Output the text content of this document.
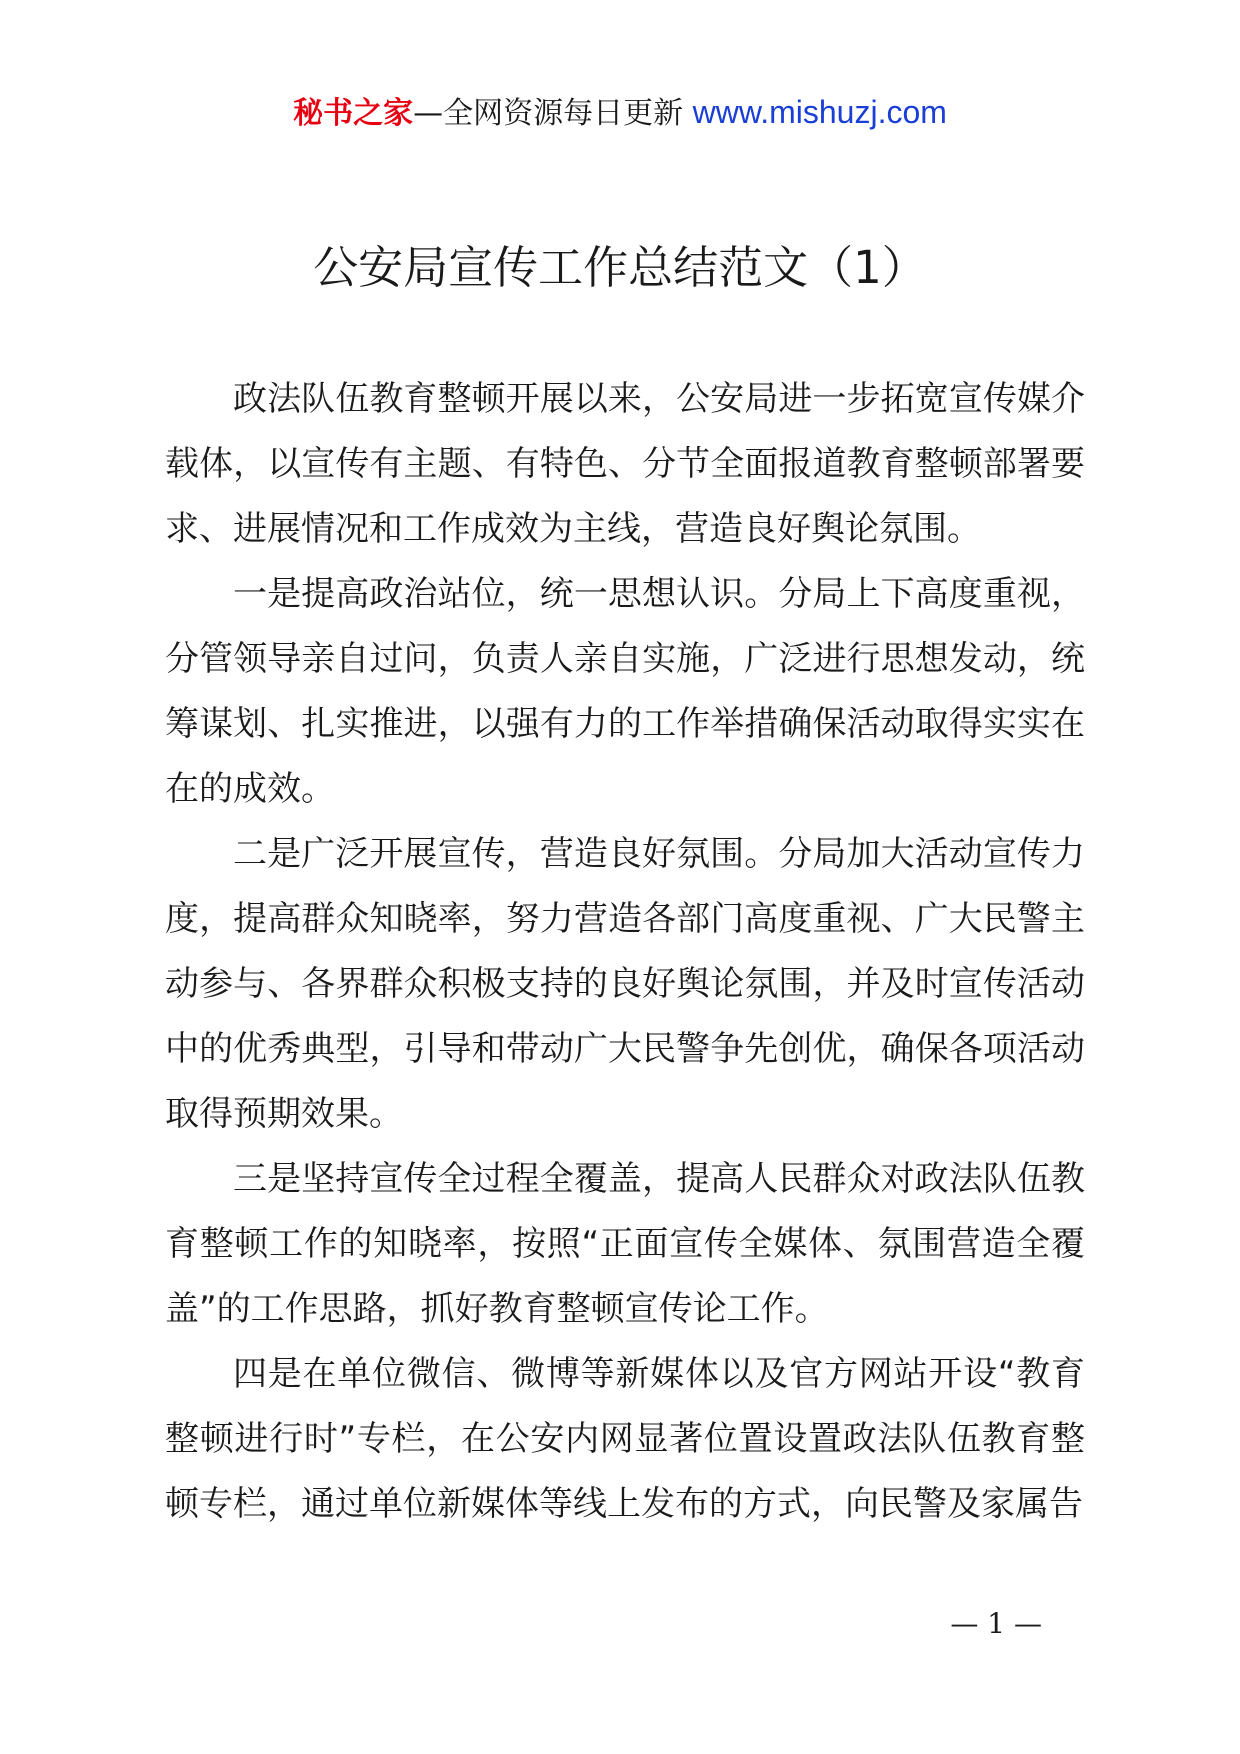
秘书之家—全网资源每日更新 www.mishuzj.com
公安局宣传工作总结范文（1）

政法队伍教育整顿开展以来，公安局进一步拓宽宣传媒介载体，以宣传有主题、有特色、分节全面报道教育整顿部署要求、进展情况和工作成效为主线，营造良好舆论氛围。

一是提高政治站位，统一思想认识。分局上下高度重视，分管领导亲自过问，负责人亲自实施，广泛进行思想发动，统筹谋划、扎实推进，以强有力的工作举措确保活动取得实实在在的成效。

二是广泛开展宣传，营造良好氛围。分局加大活动宣传力度，提高群众知晓率，努力营造各部门高度重视、广大民警主动参与、各界群众积极支持的良好舆论氛围，并及时宣传活动中的优秀典型，引导和带动广大民警争先创优，确保各项活动取得预期效果。

三是坚持宣传全过程全覆盖，提高人民群众对政法队伍教育整顿工作的知晓率，按照“正面宣传全媒体、氛围营造全覆盖”的工作思路，抓好教育整顿宣传论工作。

四是在单位微信、微博等新媒体以及官方网站开设“教育整顿进行时”专栏，在公安内网显著位置设置政法队伍教育整顿专栏，通过单位新媒体等线上发布的方式，向民警及家属告

— 1 —
